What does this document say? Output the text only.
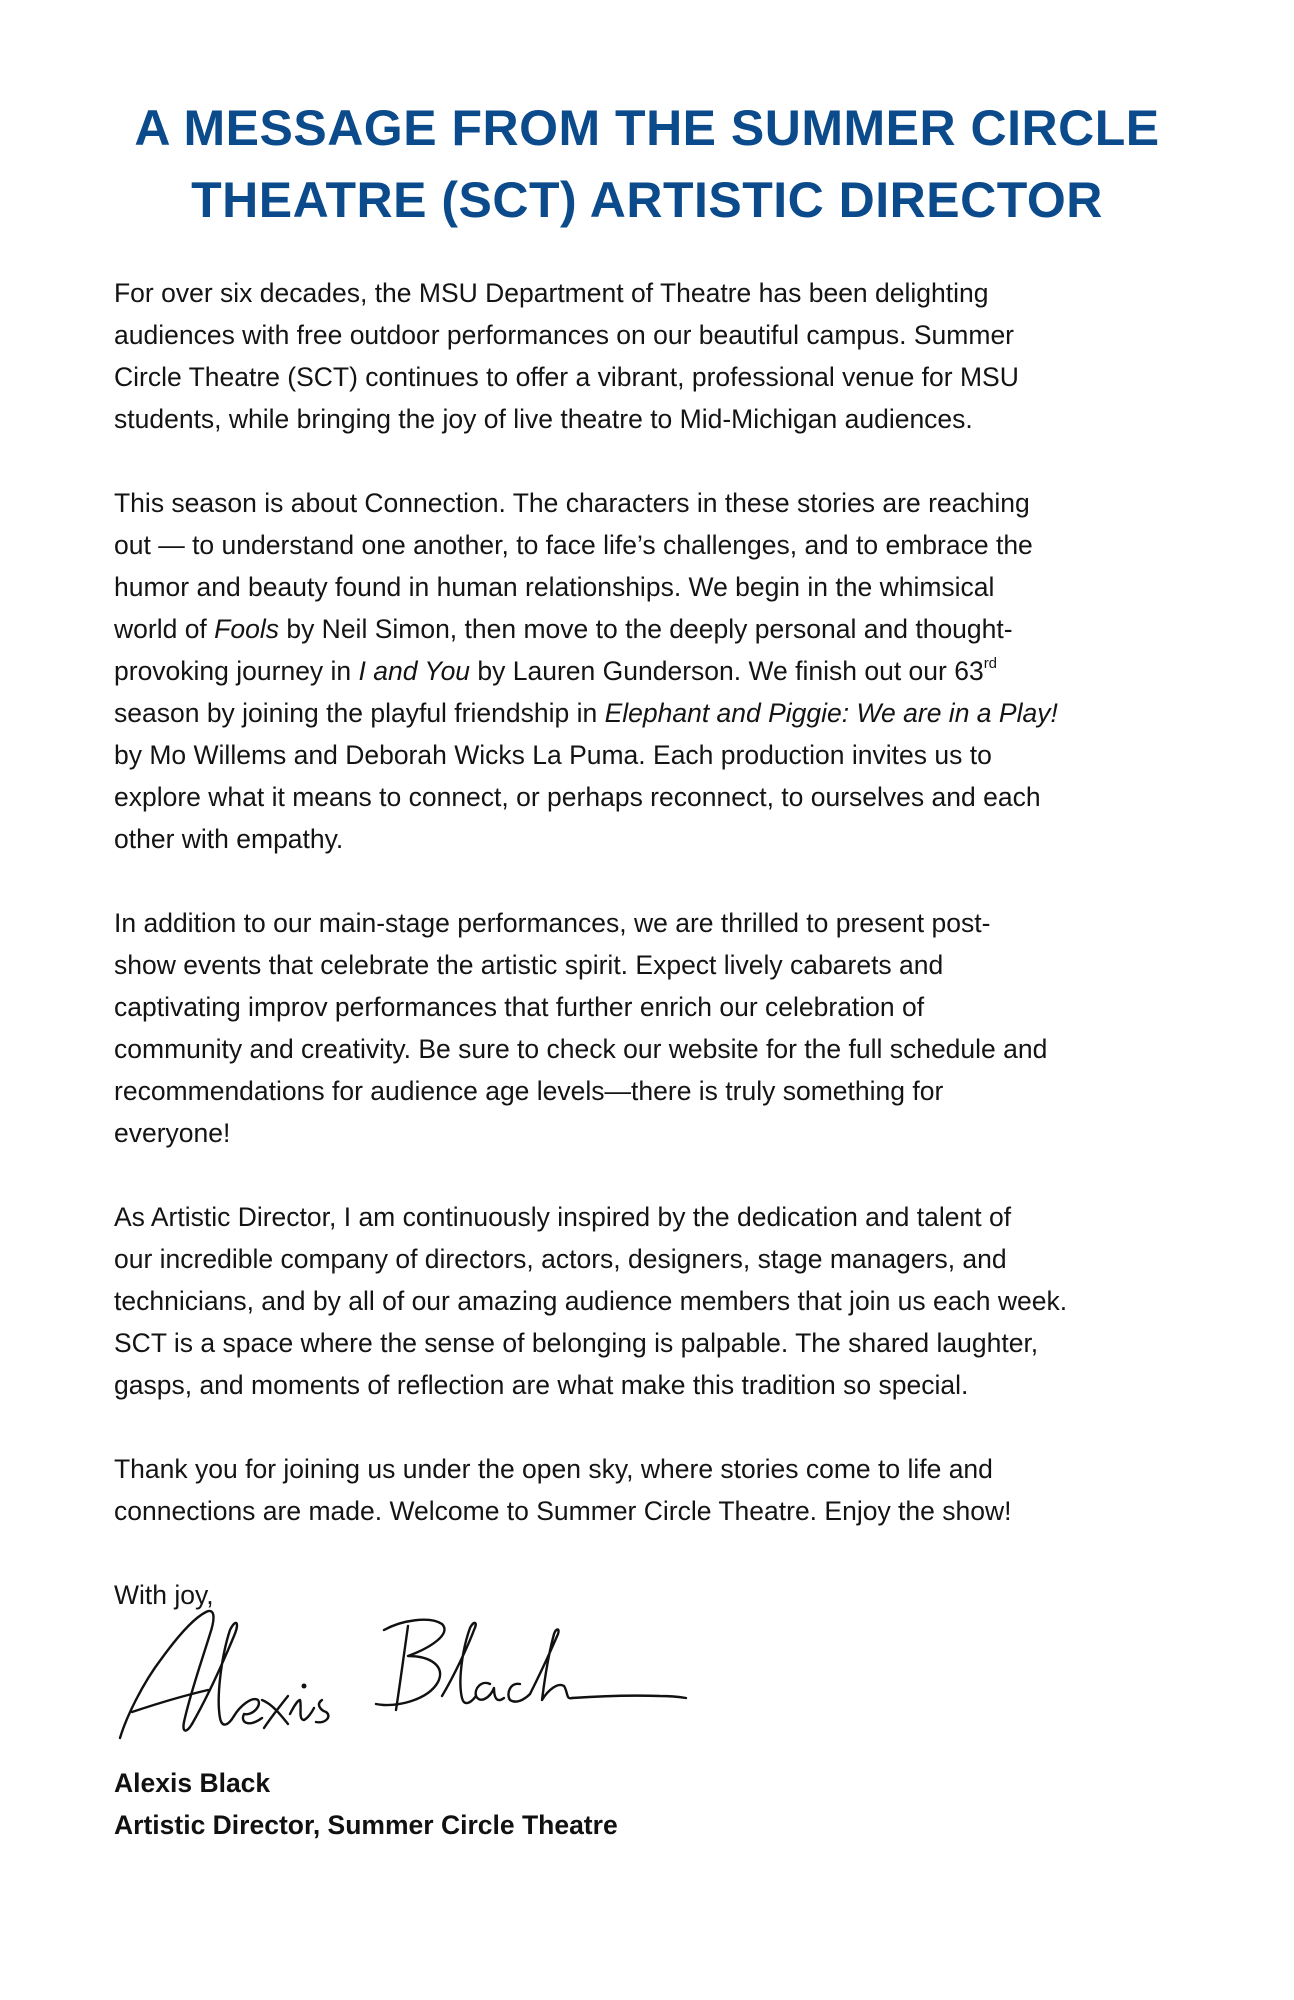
A MESSAGE FROM THE SUMMER CIRCLE
THEATRE (SCT) ARTISTIC DIRECTOR

For over six decades, the MSU Department of Theatre has been delighting
audiences with free outdoor performances on our beautiful campus. Summer
Circle Theatre (SCT) continues to offer a vibrant, professional venue for MSU
students, while bringing the joy of live theatre to Mid-Michigan audiences.

This season is about Connection. The characters in these stories are reaching
out — to understand one another, to face life’s challenges, and to embrace the
humor and beauty found in human relationships. We begin in the whimsical
world of Fools by Neil Simon, then move to the deeply personal and thought-
provoking journey in I and You by Lauren Gunderson. We finish out our 63rd
season by joining the playful friendship in Elephant and Piggie: We are in a Play!
by Mo Willems and Deborah Wicks La Puma. Each production invites us to
explore what it means to connect, or perhaps reconnect, to ourselves and each
other with empathy.

In addition to our main-stage performances, we are thrilled to present post-
show events that celebrate the artistic spirit. Expect lively cabarets and
captivating improv performances that further enrich our celebration of
community and creativity. Be sure to check our website for the full schedule and
recommendations for audience age levels—there is truly something for
everyone!

As Artistic Director, I am continuously inspired by the dedication and talent of
our incredible company of directors, actors, designers, stage managers, and
technicians, and by all of our amazing audience members that join us each week.
SCT is a space where the sense of belonging is palpable. The shared laughter,
gasps, and moments of reflection are what make this tradition so special.

Thank you for joining us under the open sky, where stories come to life and
connections are made. Welcome to Summer Circle Theatre. Enjoy the show!

With joy,

Alexis Black

Artistic Director, Summer Circle Theatre
